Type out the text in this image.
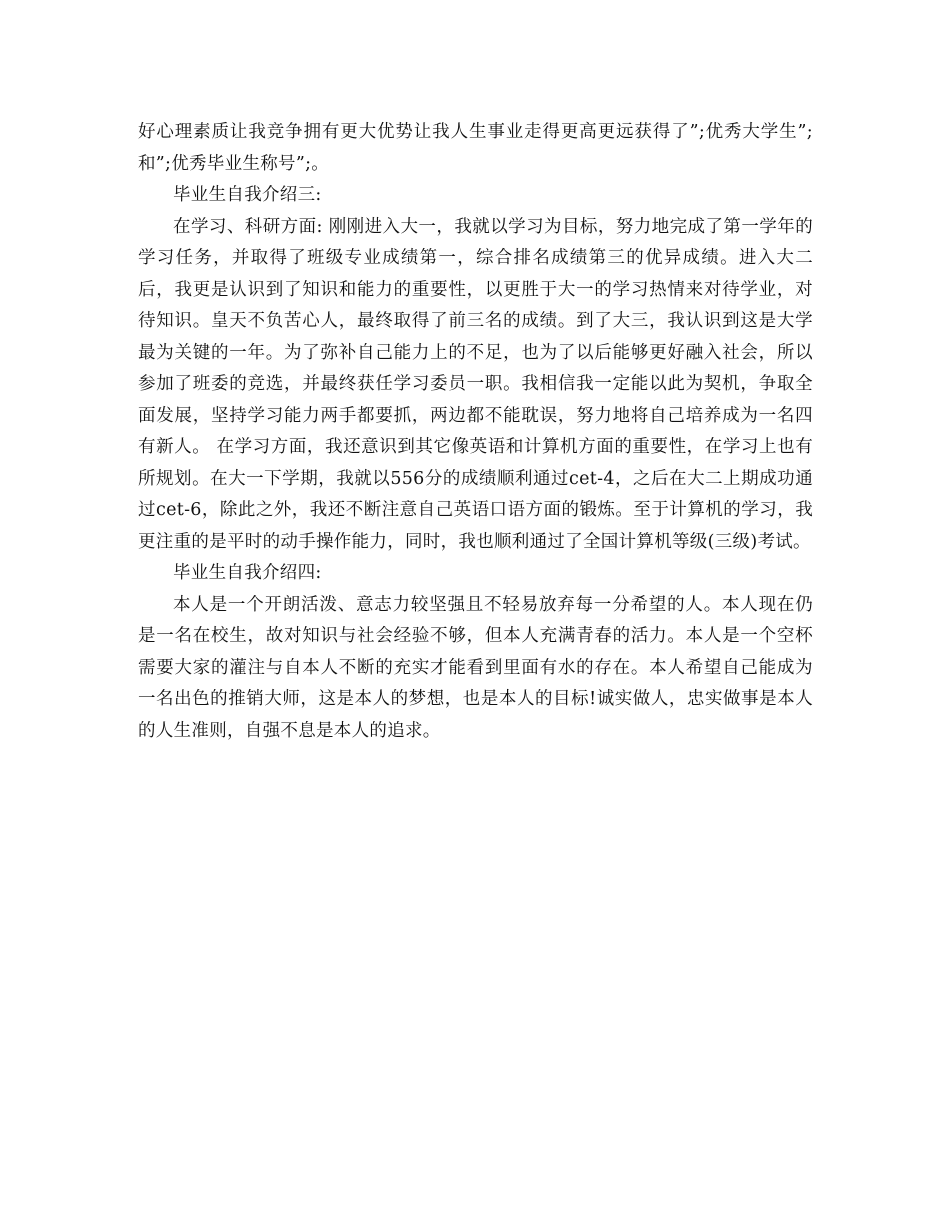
好心理素质让我竞争拥有更大优势让我人生事业走得更高更远获得了”;优秀大学生”;和”;优秀毕业生称号”;。

毕业生自我介绍三:

在学习、科研方面: 刚刚进入大一，我就以学习为目标，努力地完成了第一学年的学习任务，并取得了班级专业成绩第一，综合排名成绩第三的优异成绩。进入大二后，我更是认识到了知识和能力的重要性，以更胜于大一的学习热情来对待学业，对待知识。皇天不负苦心人，最终取得了前三名的成绩。到了大三，我认识到这是大学最为关键的一年。为了弥补自己能力上的不足，也为了以后能够更好融入社会，所以参加了班委的竞选，并最终获任学习委员一职。我相信我一定能以此为契机，争取全面发展，坚持学习能力两手都要抓，两边都不能耽误，努力地将自己培养成为一名四有新人。 在学习方面，我还意识到其它像英语和计算机方面的重要性，在学习上也有所规划。在大一下学期，我就以556分的成绩顺利通过cet-4，之后在大二上期成功通过cet-6，除此之外，我还不断注意自己英语口语方面的锻炼。至于计算机的学习，我更注重的是平时的动手操作能力，同时，我也顺利通过了全国计算机等级(三级)考试。

毕业生自我介绍四:

本人是一个开朗活泼、意志力较坚强且不轻易放弃每一分希望的人。本人现在仍是一名在校生，故对知识与社会经验不够，但本人充满青春的活力。本人是一个空杯需要大家的灌注与自本人不断的充实才能看到里面有水的存在。本人希望自己能成为一名出色的推销大师，这是本人的梦想，也是本人的目标!诚实做人，忠实做事是本人的人生准则，自强不息是本人的追求。
